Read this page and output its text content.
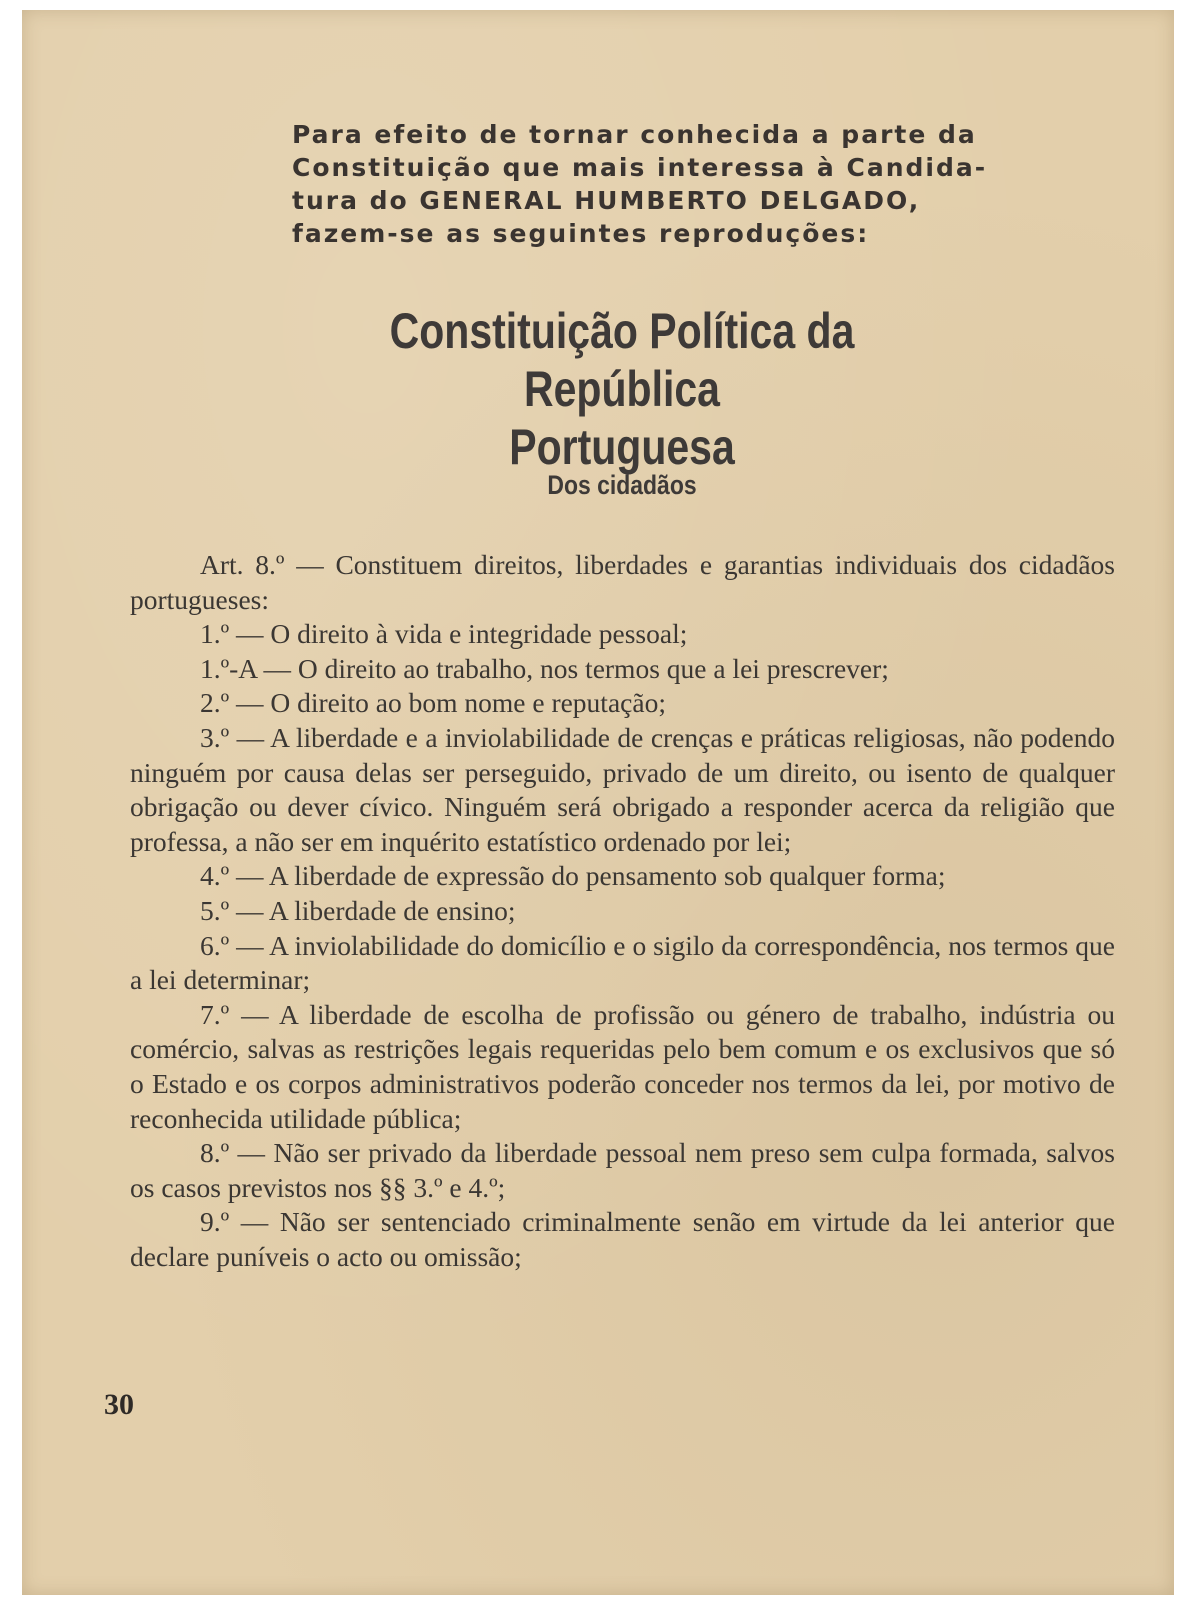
Para efeito de tornar conhecida a parte da
Constituição que mais interessa à Candida-
tura do GENERAL HUMBERTO DELGADO,
fazem-se as seguintes reproduções:
Constituição Política da República
Portuguesa
Dos cidadãos

Art. 8.º — Constituem direitos, liberdades e garantias individuais dos cidadãos portugueses:

1.º — O direito à vida e integridade pessoal;

1.º-A — O direito ao trabalho, nos termos que a lei prescrever;

2.º — O direito ao bom nome e reputação;

3.º — A liberdade e a inviolabilidade de crenças e práticas religiosas, não podendo ninguém por causa delas ser perseguido, privado de um direito, ou isento de qualquer obrigação ou dever cívico. Ninguém será obrigado a responder acerca da religião que professa, a não ser em inquérito estatístico ordenado por lei;

4.º — A liberdade de expressão do pensamento sob qualquer forma;

5.º — A liberdade de ensino;

6.º — A inviolabilidade do domicílio e o sigilo da correspondência, nos termos que a lei determinar;

7.º — A liberdade de escolha de profissão ou género de trabalho, indústria ou comércio, salvas as restrições legais requeridas pelo bem comum e os exclusivos que só o Estado e os corpos administrativos poderão conceder nos termos da lei, por motivo de reconhecida utilidade pública;

8.º — Não ser privado da liberdade pessoal nem preso sem culpa formada, salvos os casos previstos nos §§ 3.º e 4.º;

9.º — Não ser sentenciado criminalmente senão em virtude da lei anterior que declare puníveis o acto ou omissão;

30
